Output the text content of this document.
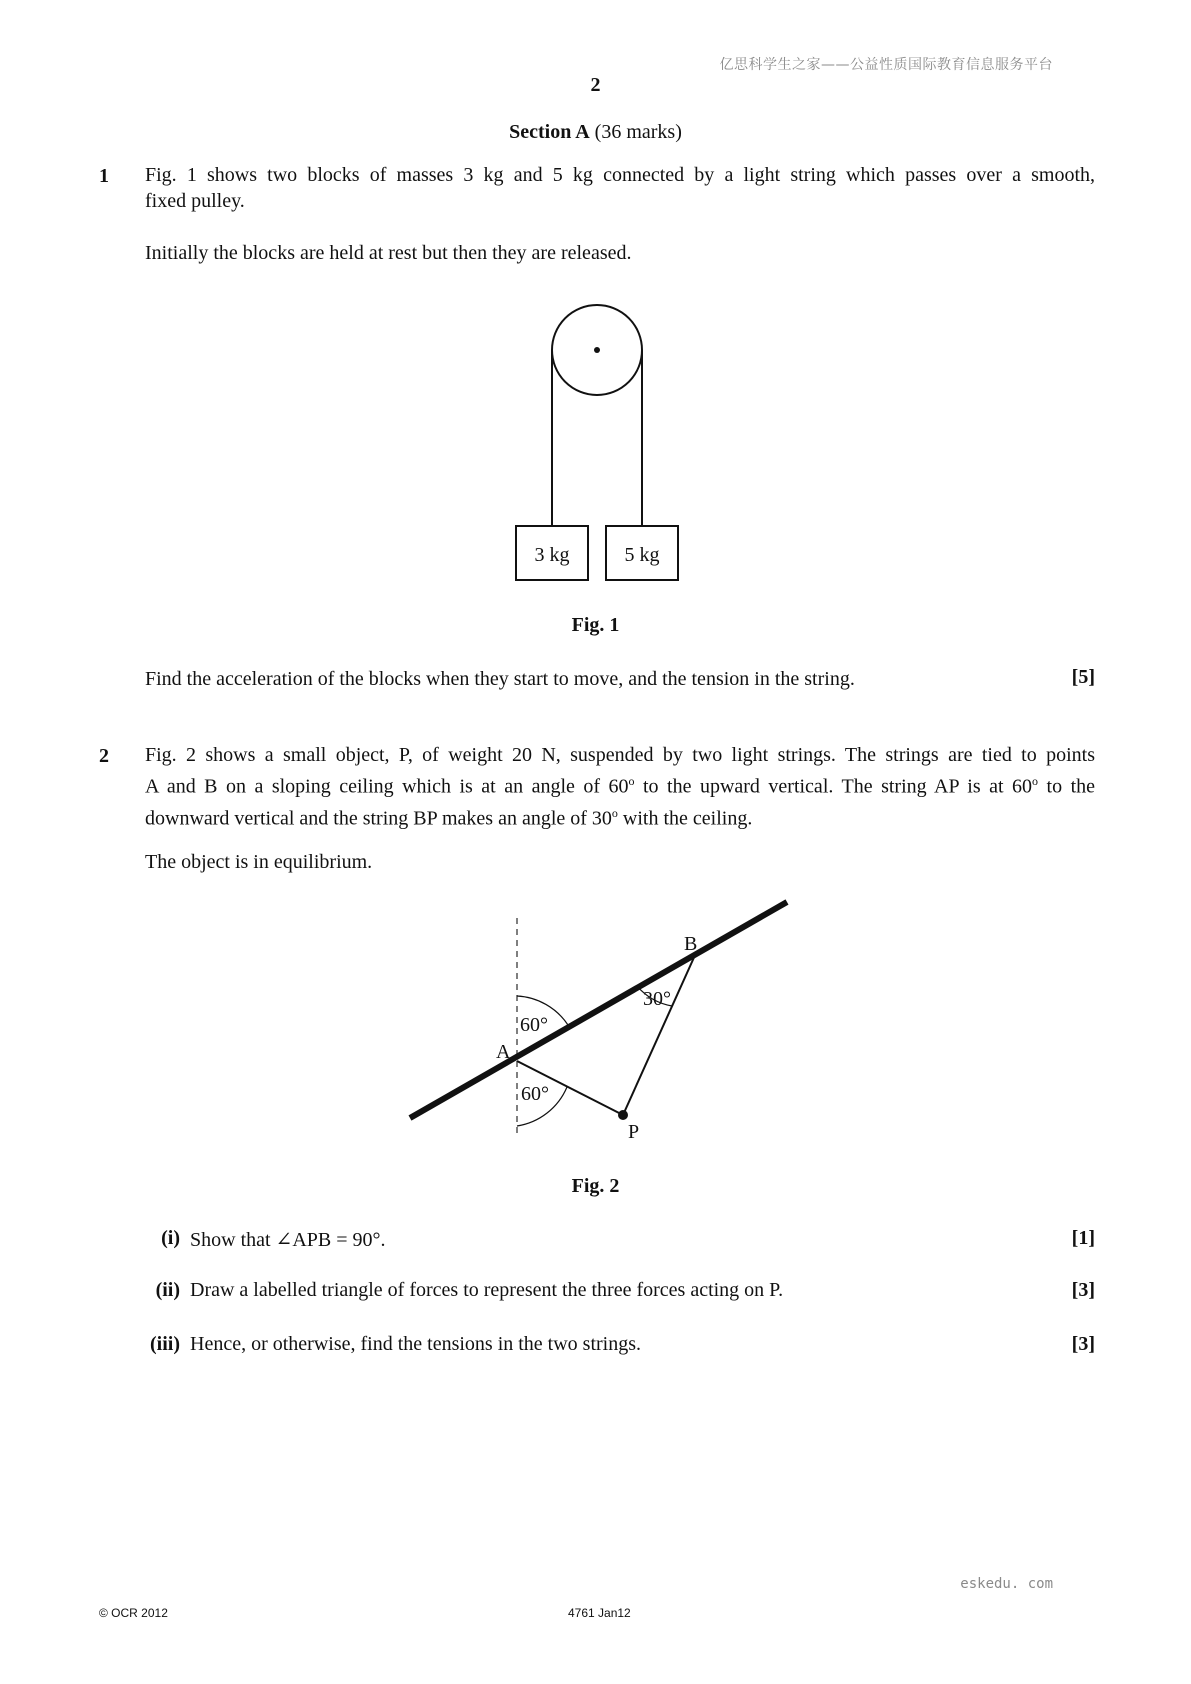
亿思科学生之家——公益性质国际教育信息服务平台
2
Section A (36 marks)
1 Fig. 1 shows two blocks of masses 3 kg and 5 kg connected by a light string which passes over a smooth,
fixed pulley.
Initially the blocks are held at rest but then they are released.
3 kg	5 kg
Fig. 1
Find the acceleration of the blocks when they start to move, and the tension in the string.	[5]
2 Fig. 2 shows a small object, P, of weight 20 N, suspended by two light strings. The strings are tied to points
A and B on a sloping ceiling which is at an angle of 60$^o$ to the upward vertical. The string AP is at 60$^o$ to the
downward vertical and the string BP makes an angle of 30$^o$ with the ceiling.
The object is in equilibrium.
60°
60°
30°
A
B
P
Fig. 2
(i) Show that ∠APB = 90°.	[1]
(ii) Draw a labelled triangle of forces to represent the three forces acting on P.	[3]
(iii) Hence, or otherwise, find the tensions in the two strings.	[3]
eskedu. com
© OCR 2012	4761 Jan12
